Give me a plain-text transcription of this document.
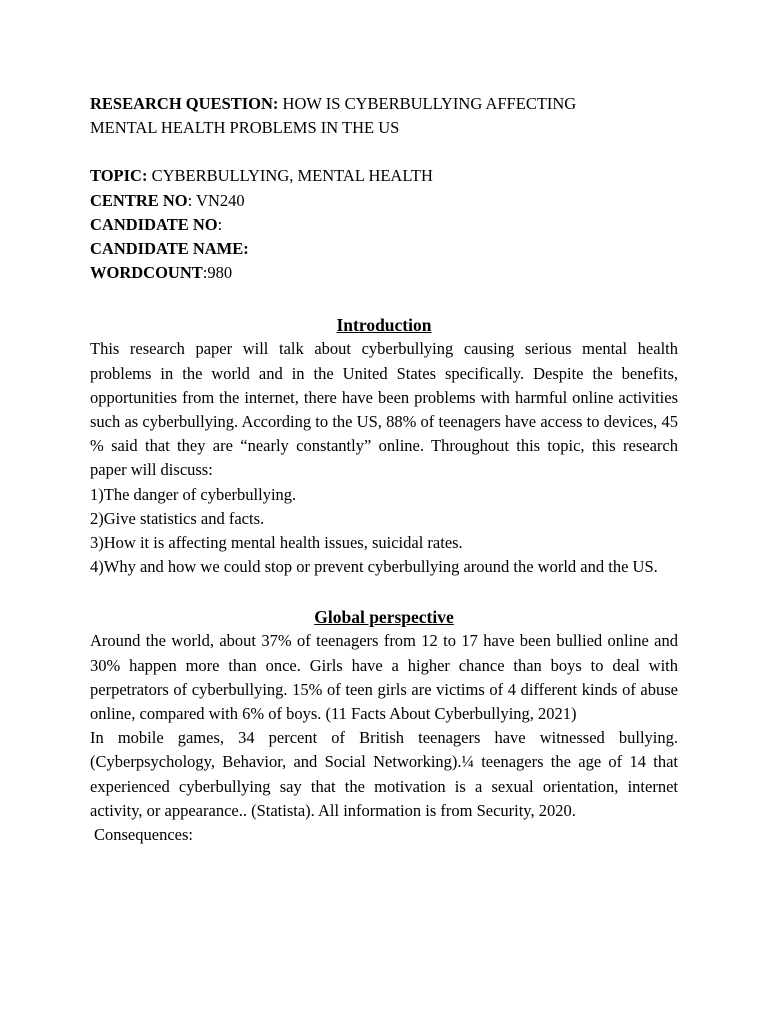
RESEARCH QUESTION: HOW IS CYBERBULLYING AFFECTING

MENTAL HEALTH PROBLEMS IN THE US

TOPIC: CYBERBULLYING, MENTAL HEALTH

CENTRE NO: VN240

CANDIDATE NO:

CANDIDATE NAME:

WORDCOUNT:980

Introduction

This research paper will talk about cyberbullying causing serious mental health problems in the world and in the United States specifically. Despite the benefits, opportunities from the internet, there have been problems with harmful online activities such as cyberbullying. According to the US, 88% of teenagers have access to devices, 45 % said that they are “nearly constantly” online. Throughout this topic, this research paper will discuss:

1)The danger of cyberbullying.

2)Give statistics and facts.

3)How it is affecting mental health issues, suicidal rates.

4)Why and how we could stop or prevent cyberbullying around the world and the US.

Global perspective

Around the world, about 37% of teenagers from 12 to 17 have been bullied online and 30% happen more than once. Girls have a higher chance than boys to deal with perpetrators of cyberbullying. 15% of teen girls are victims of 4 different kinds of abuse online, compared with 6% of boys. (11 Facts About Cyberbullying, 2021)

In mobile games, 34 percent of British teenagers have witnessed bullying. (Cyberpsychology, Behavior, and Social Networking).¼ teenagers the age of 14 that experienced cyberbullying say that the motivation is a sexual orientation, internet activity, or appearance.. (Statista). All information is from Security, 2020.

Consequences:
